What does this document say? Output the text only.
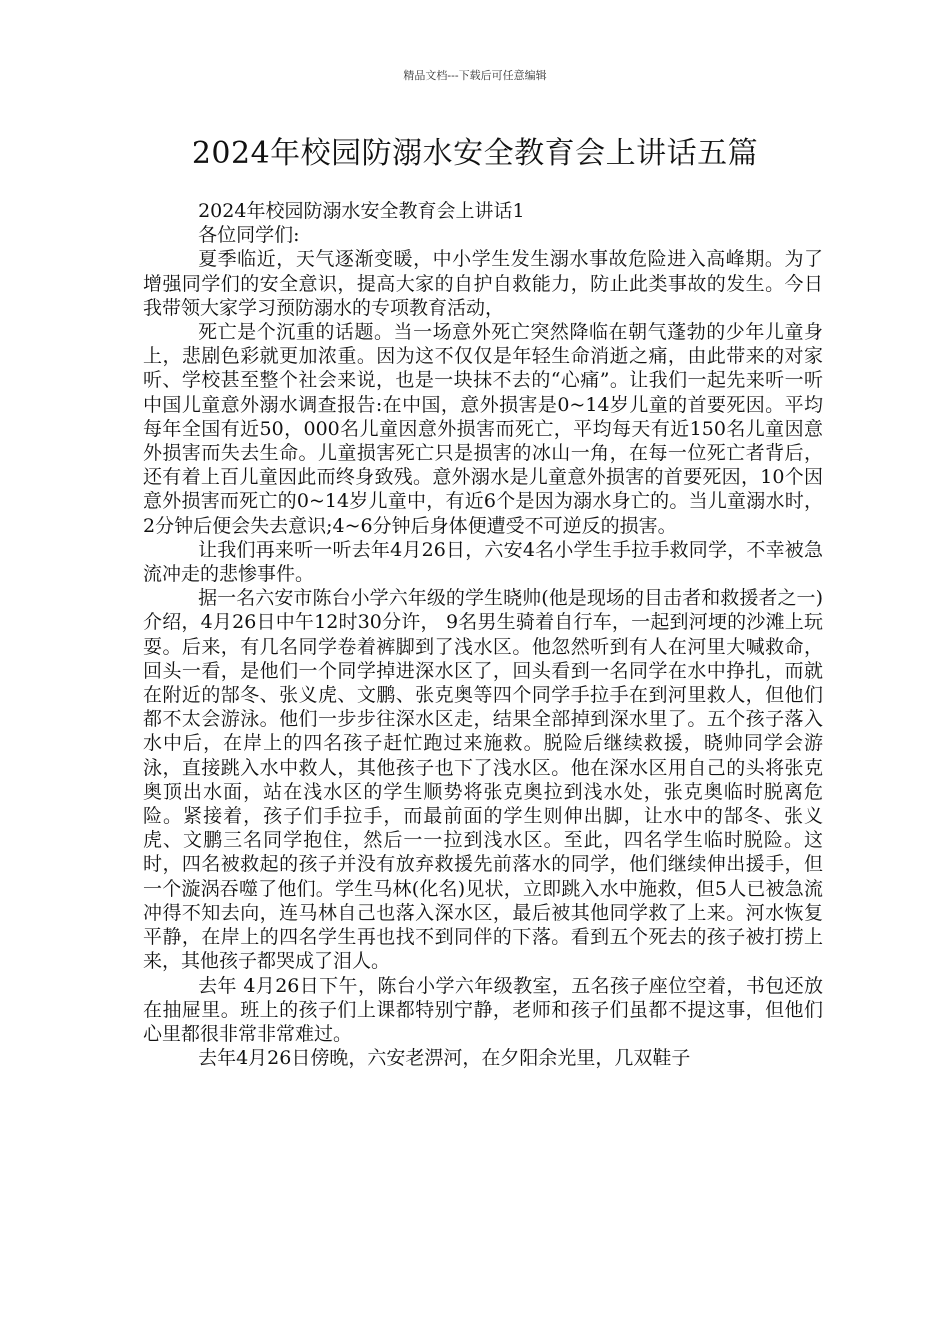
精品文档---下载后可任意编辑
2024年校园防溺水安全教育会上讲话五篇

2024年校园防溺水安全教育会上讲话1

各位同学们:

夏季临近，天气逐渐变暖，中小学生发生溺水事故危险进入高峰期。为了增强同学们的安全意识，提高大家的自护自救能力，防止此类事故的发生。今日我带领大家学习预防溺水的专项教育活动，

死亡是个沉重的话题。当一场意外死亡突然降临在朝气蓬勃的少年儿童身上，悲剧色彩就更加浓重。因为这不仅仅是年轻生命消逝之痛，由此带来的对家听、学校甚至整个社会来说，也是一块抹不去的“心痛”。让我们一起先来听一听中国儿童意外溺水调查报告:在中国，意外损害是0~14岁儿童的首要死因。平均每年全国有近50，000名儿童因意外损害而死亡，平均每天有近150名儿童因意外损害而失去生命。儿童损害死亡只是损害的冰山一角，在每一位死亡者背后，还有着上百儿童因此而终身致残。意外溺水是儿童意外损害的首要死因，10个因意外损害而死亡的0~14岁儿童中，有近6个是因为溺水身亡的。当儿童溺水时，2分钟后便会失去意识;4~6分钟后身体便遭受不可逆反的损害。

让我们再来听一听去年4月26日，六安4名小学生手拉手救同学，不幸被急流冲走的悲惨事件。

据一名六安市陈台小学六年级的学生晓帅(他是现场的目击者和救援者之一)介绍，4月26日中午12时30分许， 9名男生骑着自行车，一起到河埂的沙滩上玩耍。后来，有几名同学卷着裤脚到了浅水区。他忽然听到有人在河里大喊救命，回头一看，是他们一个同学掉进深水区了，回头看到一名同学在水中挣扎，而就在附近的郜冬、张义虎、文鹏、张克奥等四个同学手拉手在到河里救人，但他们都不太会游泳。他们一步步往深水区走，结果全部掉到深水里了。五个孩子落入水中后，在岸上的四名孩子赶忙跑过来施救。脱险后继续救援，晓帅同学会游泳，直接跳入水中救人，其他孩子也下了浅水区。他在深水区用自己的头将张克奥顶出水面，站在浅水区的学生顺势将张克奥拉到浅水处，张克奥临时脱离危险。紧接着，孩子们手拉手，而最前面的学生则伸出脚，让水中的郜冬、张义虎、文鹏三名同学抱住，然后一一拉到浅水区。至此，四名学生临时脱险。这时，四名被救起的孩子并没有放弃救援先前落水的同学，他们继续伸出援手，但一个漩涡吞噬了他们。学生马林(化名)见状，立即跳入水中施救，但5人已被急流冲得不知去向，连马林自己也落入深水区，最后被其他同学救了上来。河水恢复平静，在岸上的四名学生再也找不到同伴的下落。看到五个死去的孩子被打捞上来，其他孩子都哭成了泪人。

去年 4月26日下午，陈台小学六年级教室，五名孩子座位空着，书包还放在抽屉里。班上的孩子们上课都特别宁静，老师和孩子们虽都不提这事，但他们心里都很非常非常难过。

去年4月26日傍晚，六安老淠河，在夕阳余光里，几双鞋子
